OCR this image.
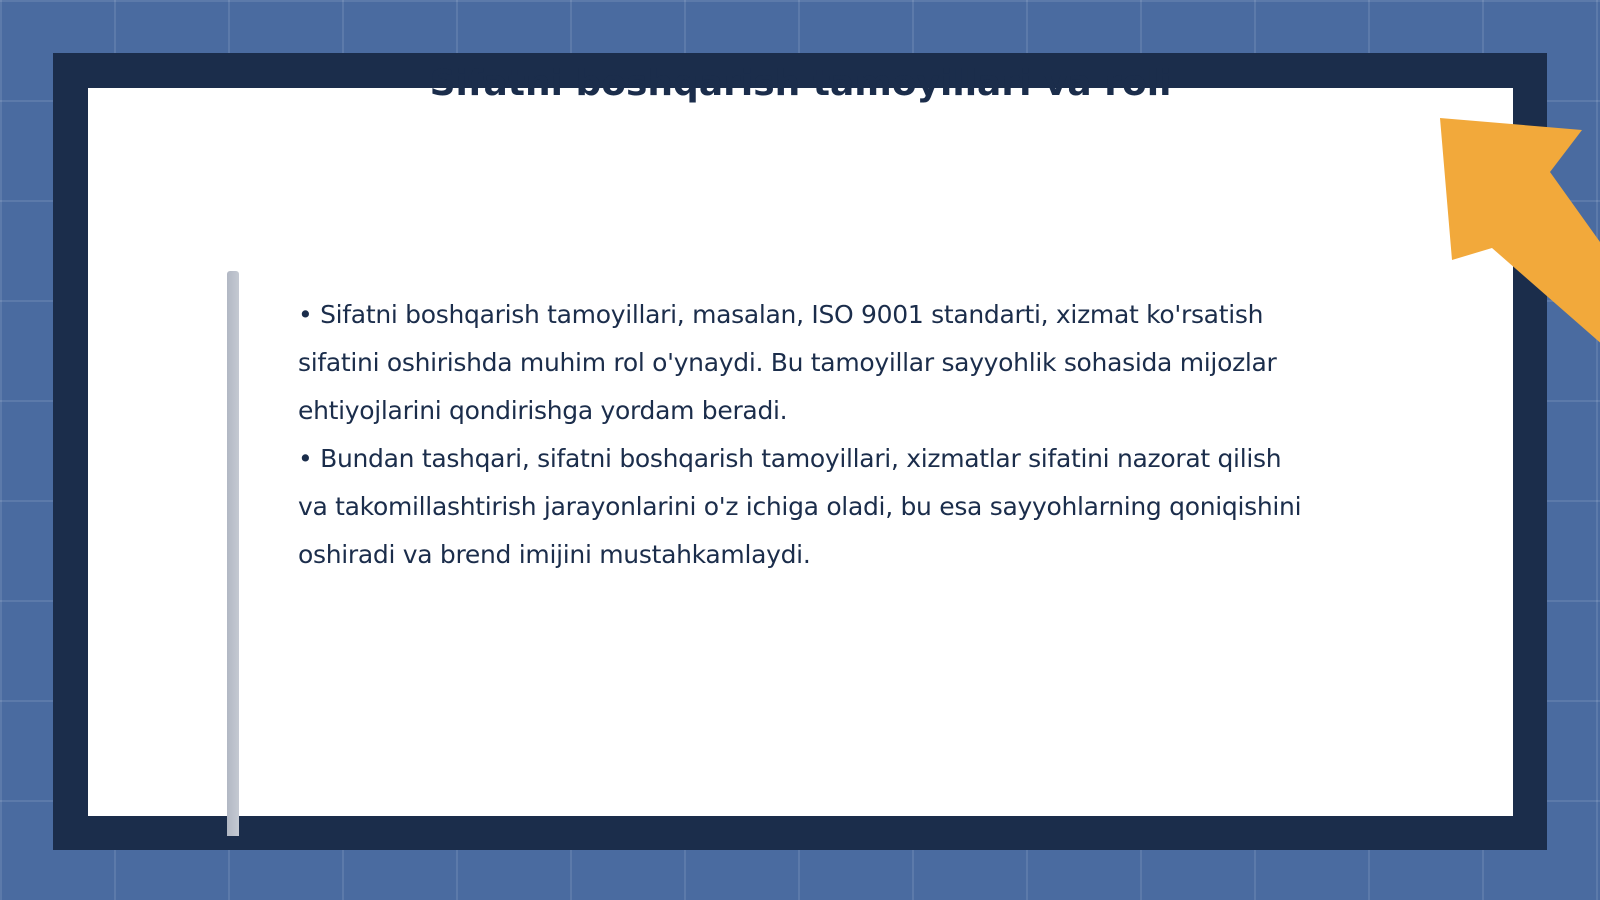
Sifatni boshqarish tamoyillari va roli

• Sifatni boshqarish tamoyillari, masalan, ISO 9001 standarti, xizmat ko'rsatish sifatini oshirishda muhim rol o'ynaydi. Bu tamoyillar sayyohlik sohasida mijozlar ehtiyojlarini qondirishga yordam beradi.

• Bundan tashqari, sifatni boshqarish tamoyillari, xizmatlar sifatini nazorat qilish va takomillashtirish jarayonlarini o'z ichiga oladi, bu esa sayyohlarning qoniqishini oshiradi va brend imijini mustahkamlaydi.
